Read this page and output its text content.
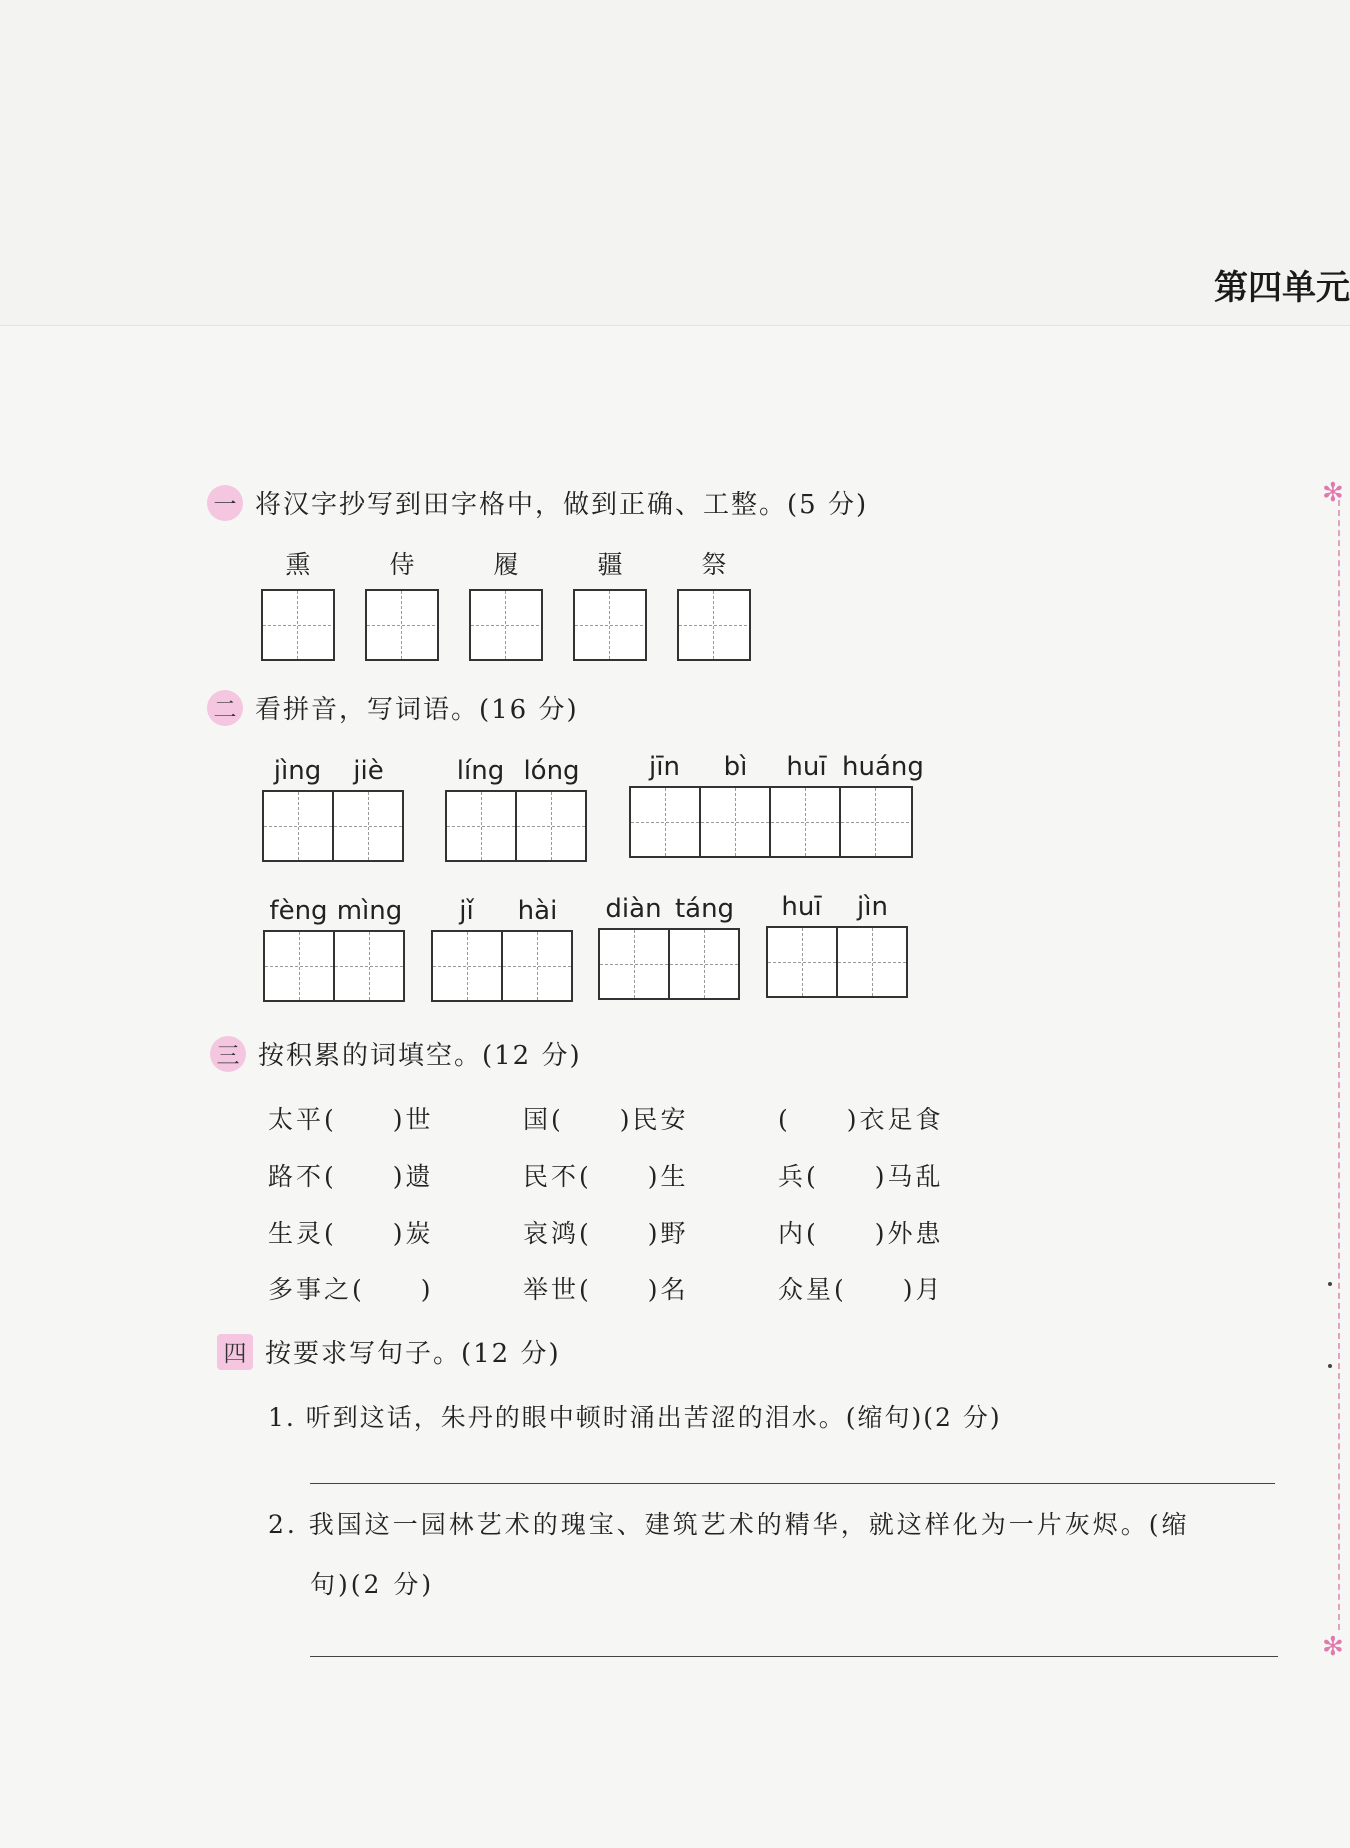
第四单元
✻
✻
一 将汉字抄写到田字格中，做到正确、工整。(5 分)
熏	侍	履	疆	祭
二 看拼音，写词语。(16 分)
jìng	jiè	líng lóng	jīn	bì	huī huáng
fèng mìng	jǐ	hài	diàn táng	huī	jìn
三 按积累的词填空。(12 分)
太平(　　)世	国(　　)民安	(　　)衣足食
路不(　　)遗	民不(　　)生	兵(　　)马乱
生灵(　　)炭	哀鸿(　　)野	内(　　)外患
多事之(　　)	举世(　　)名	众星(　　)月
四 按要求写句子。(12 分)
1. 听到这话，朱丹的眼中顿时涌出苦涩的泪水。(缩句)(2 分)
2. 我国这一园林艺术的瑰宝、建筑艺术的精华，就这样化为一片灰烬。(缩
句)(2 分)
